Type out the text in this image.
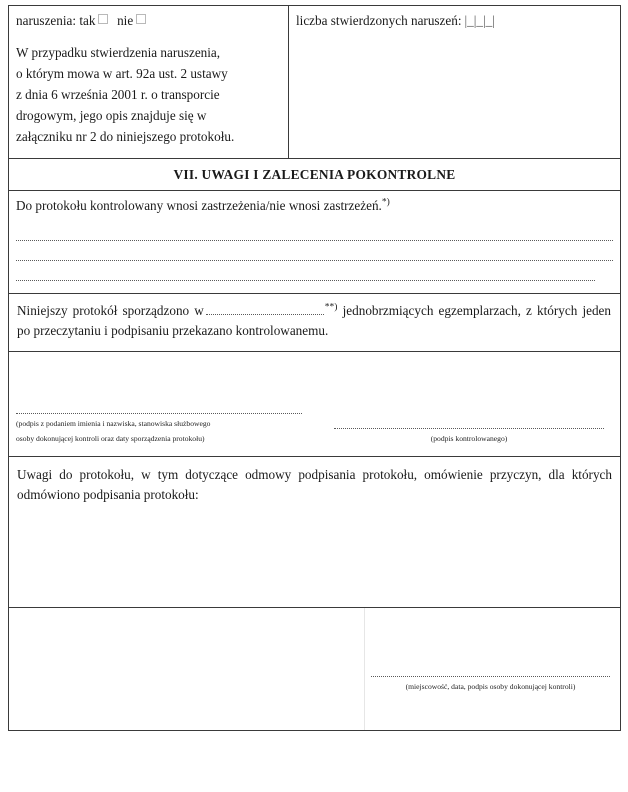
naruszenia: tak nie
W przypadku stwierdzenia naruszenia,
o którym mowa w art. 92a ust. 2 ustawy
z dnia 6 września 2001 r. o transporcie
drogowym, jego opis znajduje się w
załączniku nr 2 do niniejszego protokołu.

liczba stwierdzonych naruszeń: |_|_|_|

VII. UWAGI I ZALECENIA POKONTROLNE

Do protokołu kontrolowany wnosi zastrzeżenia/nie wnosi zastrzeżeń.*)

Niniejszy protokół sporządzono w	**) jednobrzmiących egzemplarzach, z których jeden po przeczytaniu i podpisaniu przekazano kontrolowanemu.

(podpis z podaniem imienia i nazwiska, stanowiska służbowego
osoby dokonującej kontroli oraz daty sporządzenia protokołu)	(podpis kontrolowanego)

Uwagi do protokołu, w tym dotyczące odmowy podpisania protokołu, omówienie przyczyn, dla których odmówiono podpisania protokołu:

(miejscowość, data, podpis osoby dokonującej kontroli)
